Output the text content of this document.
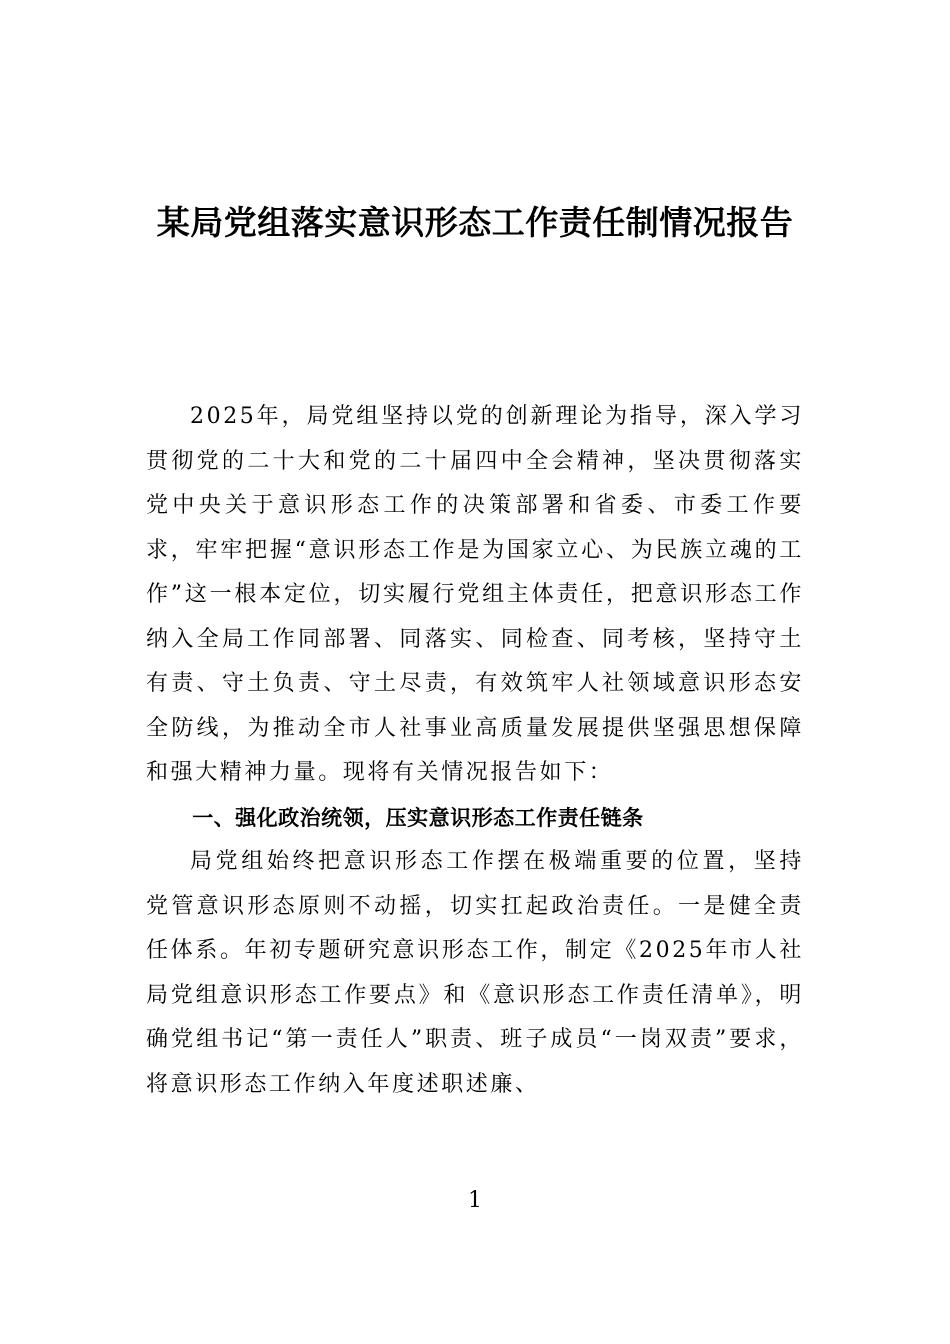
某局党组落实意识形态工作责任制情况报告

2025年，局党组坚持以党的创新理论为指导，深入学习贯彻党的二十大和党的二十届四中全会精神，坚决贯彻落实党中央关于意识形态工作的决策部署和省委、市委工作要求，牢牢把握“意识形态工作是为国家立心、为民族立魂的工作”这一根本定位，切实履行党组主体责任，把意识形态工作纳入全局工作同部署、同落实、同检查、同考核，坚持守土有责、守土负责、守土尽责，有效筑牢人社领域意识形态安全防线，为推动全市人社事业高质量发展提供坚强思想保障和强大精神力量。现将有关情况报告如下：

一、强化政治统领，压实意识形态工作责任链条

局党组始终把意识形态工作摆在极端重要的位置，坚持党管意识形态原则不动摇，切实扛起政治责任。一是健全责任体系。年初专题研究意识形态工作，制定《2025年市人社局党组意识形态工作要点》和《意识形态工作责任清单》，明确党组书记“第一责任人”职责、班子成员“一岗双责”要求，将意识形态工作纳入年度述职述廉、

1
